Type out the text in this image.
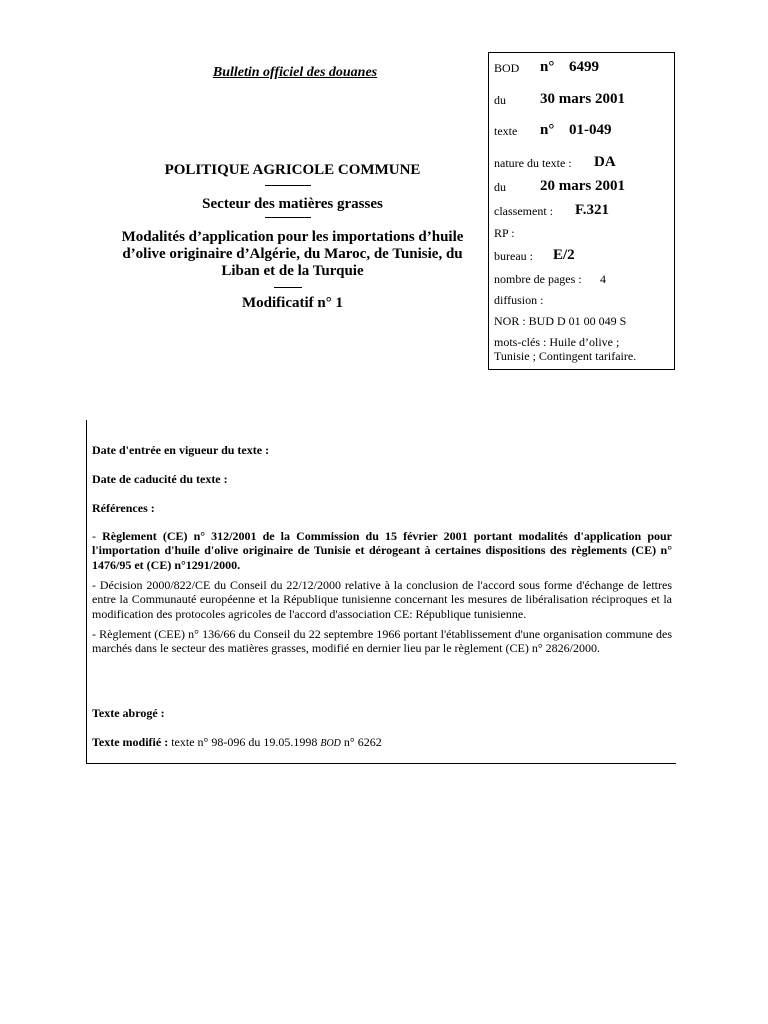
Bulletin officiel des douanes
POLITIQUE AGRICOLE COMMUNE
Secteur des matières grasses
Modalités d’application pour les importations d’huile
d’olive originaire d’Algérie, du Maroc, de Tunisie, du
Liban et de la Turquie
Modificatif n° 1
BOD n° 6499
du 30 mars 2001
texte n° 01-049
nature du texte : DA
du 20 mars 2001
classement : F.321
RP :
bureau : E/2
nombre de pages : 4
diffusion :
NOR : BUD D 01 00 049 S
mots-clés : Huile d’olive ;
Tunisie ; Contingent tarifaire.
Date d'entrée en vigueur du texte :
Date de caducité du texte :
Références :
- Règlement (CE) n° 312/2001 de la Commission du 15 février 2001 portant modalités d'application pour l'importation d'huile d'olive originaire de Tunisie et dérogeant à certaines dispositions des règlements (CE) n° 1476/95 et (CE) n°1291/2000.
- Décision 2000/822/CE du Conseil du 22/12/2000 relative à la conclusion de l'accord sous forme d'échange de lettres entre la Communauté européenne et la République tunisienne concernant les mesures de libéralisation réciproques et la modification des protocoles agricoles de l'accord d'association CE: République tunisienne.
- Règlement (CEE) n° 136/66 du Conseil du 22 septembre 1966 portant l'établissement d'une organisation commune des marchés dans le secteur des matières grasses, modifié en dernier lieu par le règlement (CE) n° 2826/2000.
Texte abrogé :
Texte modifié : texte n° 98-096 du 19.05.1998 BOD n° 6262
